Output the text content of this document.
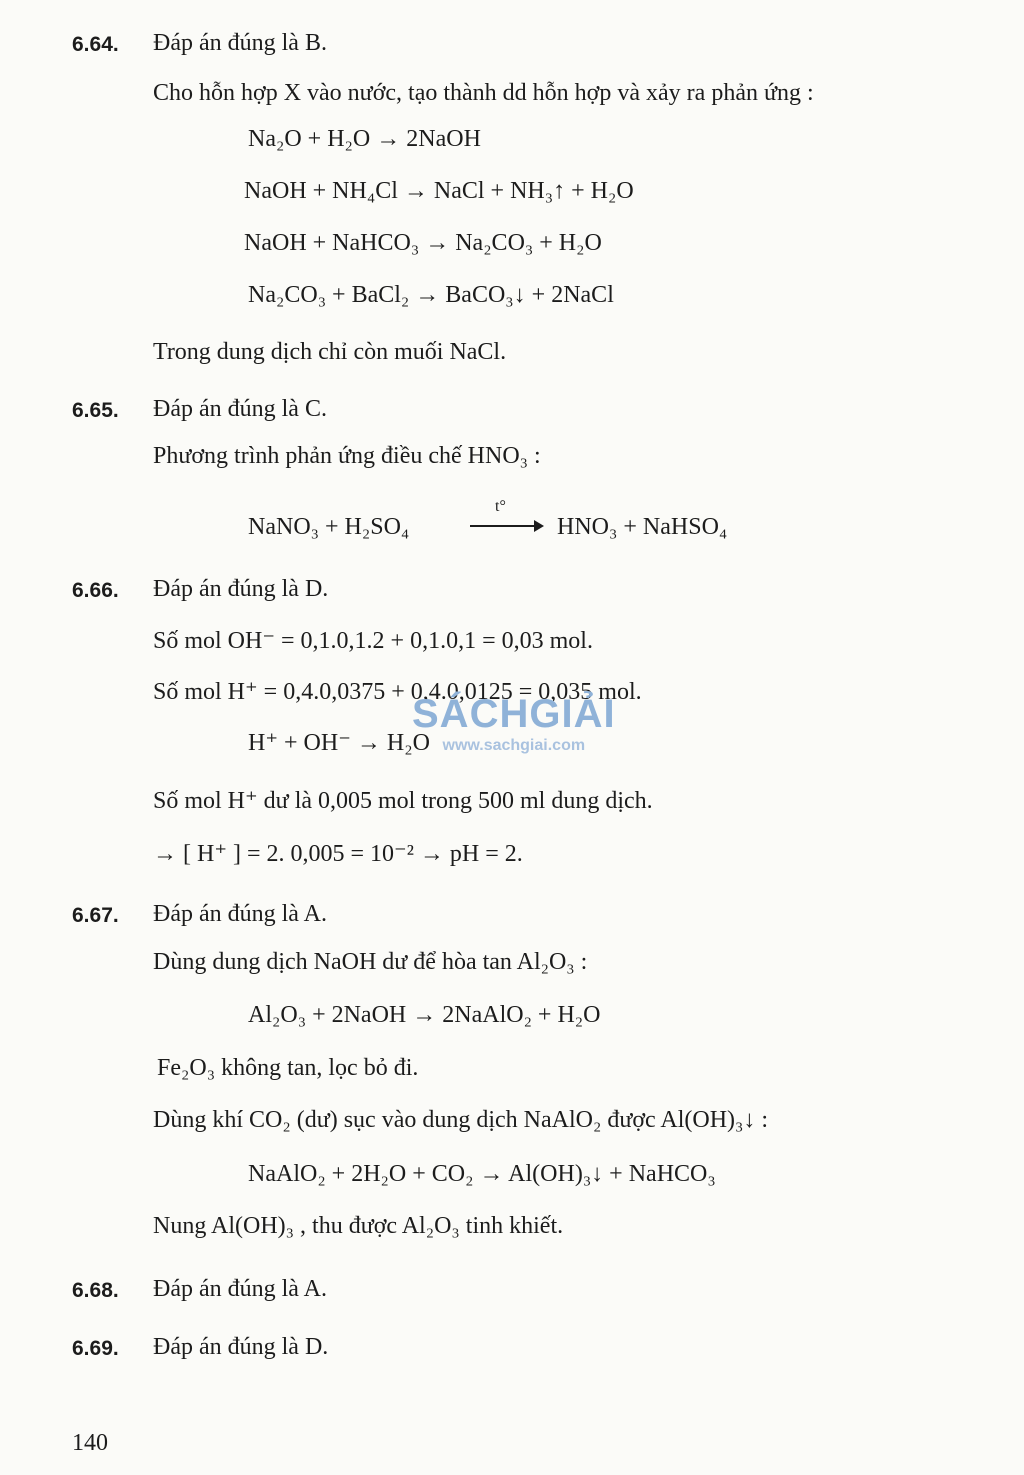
6.64. Đáp án đúng là B.
Cho hỗn hợp X vào nước, tạo thành dd hỗn hợp và xảy ra phản ứng :
Na₂O + H₂O → 2NaOH
NaOH + NH₄Cl → NaCl + NH₃↑ + H₂O
NaOH + NaHCO₃ → Na₂CO₃ + H₂O
Na₂CO₃ + BaCl₂ → BaCO₃↓ + 2NaCl
Trong dung dịch chỉ còn muối NaCl.
6.65. Đáp án đúng là C.
Phương trình phản ứng điều chế HNO₃ :
NaNO₃ + H₂SO₄
t°
HNO₃ + NaHSO₄
6.66. Đáp án đúng là D.
Số mol OH⁻ = 0,1.0,1.2 + 0,1.0,1 = 0,03 mol.
Số mol H⁺ = 0,4.0,0375 + 0,4.0,0125 = 0,035 mol.
H⁺ + OH⁻ → H₂O
Số mol H⁺ dư là 0,005 mol trong 500 ml dung dịch.
→ [ H⁺ ] = 2. 0,005 = 10⁻² → pH = 2.
6.67. Đáp án đúng là A.
Dùng dung dịch NaOH dư để hòa tan Al₂O₃ :
Al₂O₃ + 2NaOH → 2NaAlO₂ + H₂O
Fe₂O₃ không tan, lọc bỏ đi.
Dùng khí CO₂ (dư) sục vào dung dịch NaAlO₂ được Al(OH)₃↓ :
NaAlO₂ + 2H₂O + CO₂ → Al(OH)₃↓ + NaHCO₃
Nung Al(OH)₃ , thu được Al₂O₃ tinh khiết.
6.68. Đáp án đúng là A.
6.69. Đáp án đúng là D.
SÁCHGIẢI
www.sachgiai.com
140
